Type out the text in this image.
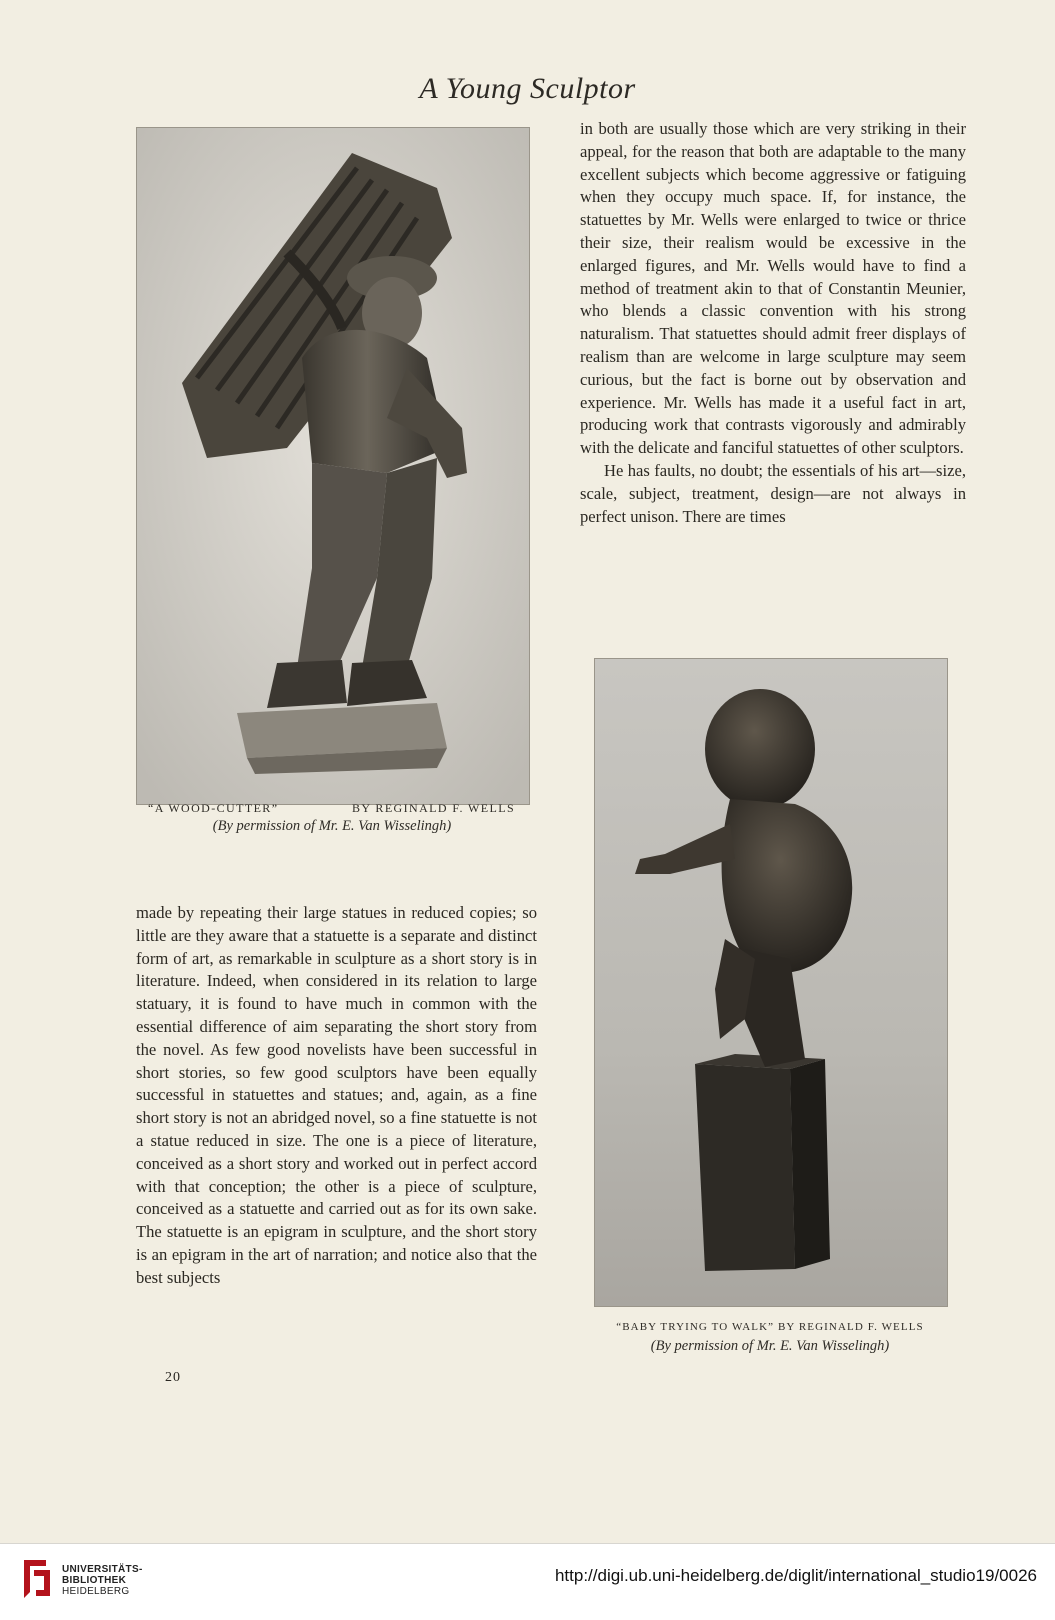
A Young Sculptor
“A WOOD-CUTTER”	BY REGINALD F. WELLS
(By permission of Mr. E. Van Wisselingh)

in both are usually those which are very striking in their appeal, for the reason that both are adaptable to the many excellent subjects which become aggressive or fatiguing when they occupy much space. If, for instance, the statuettes by Mr. Wells were enlarged to twice or thrice their size, their realism would be excessive in the enlarged figures, and Mr. Wells would have to find a method of treatment akin to that of Constantin Meunier, who blends a classic convention with his strong naturalism. That statuettes should admit freer displays of realism than are welcome in large sculpture may seem curious, but the fact is borne out by observation and experience. Mr. Wells has made it a useful fact in art, producing work that contrasts vigorously and admirably with the delicate and fanciful statuettes of other sculptors.

He has faults, no doubt; the essentials of his art—size, scale, subject, treatment, design—are not always in perfect unison. There are times

“BABY TRYING TO WALK” BY REGINALD F. WELLS
(By permission of Mr. E. Van Wisselingh)

made by repeating their large statues in reduced copies; so little are they aware that a statuette is a separate and distinct form of art, as remarkable in sculpture as a short story is in literature. Indeed, when considered in its relation to large statuary, it is found to have much in common with the essential difference of aim separating the short story from the novel. As few good novelists have been successful in short stories, so few good sculptors have been equally successful in statuettes and statues; and, again, as a fine short story is not an abridged novel, so a fine statuette is not a statue reduced in size. The one is a piece of literature, conceived as a short story and worked out in perfect accord with that conception; the other is a piece of sculpture, conceived as a statuette and carried out as for its own sake. The statuette is an epigram in sculpture, and the short story is an epigram in the art of narration; and notice also that the best subjects

20
UNIVERSITÄTS-
BIBLIOTHEK
HEIDELBERG
http://digi.ub.uni-heidelberg.de/diglit/international_studio19/0026
